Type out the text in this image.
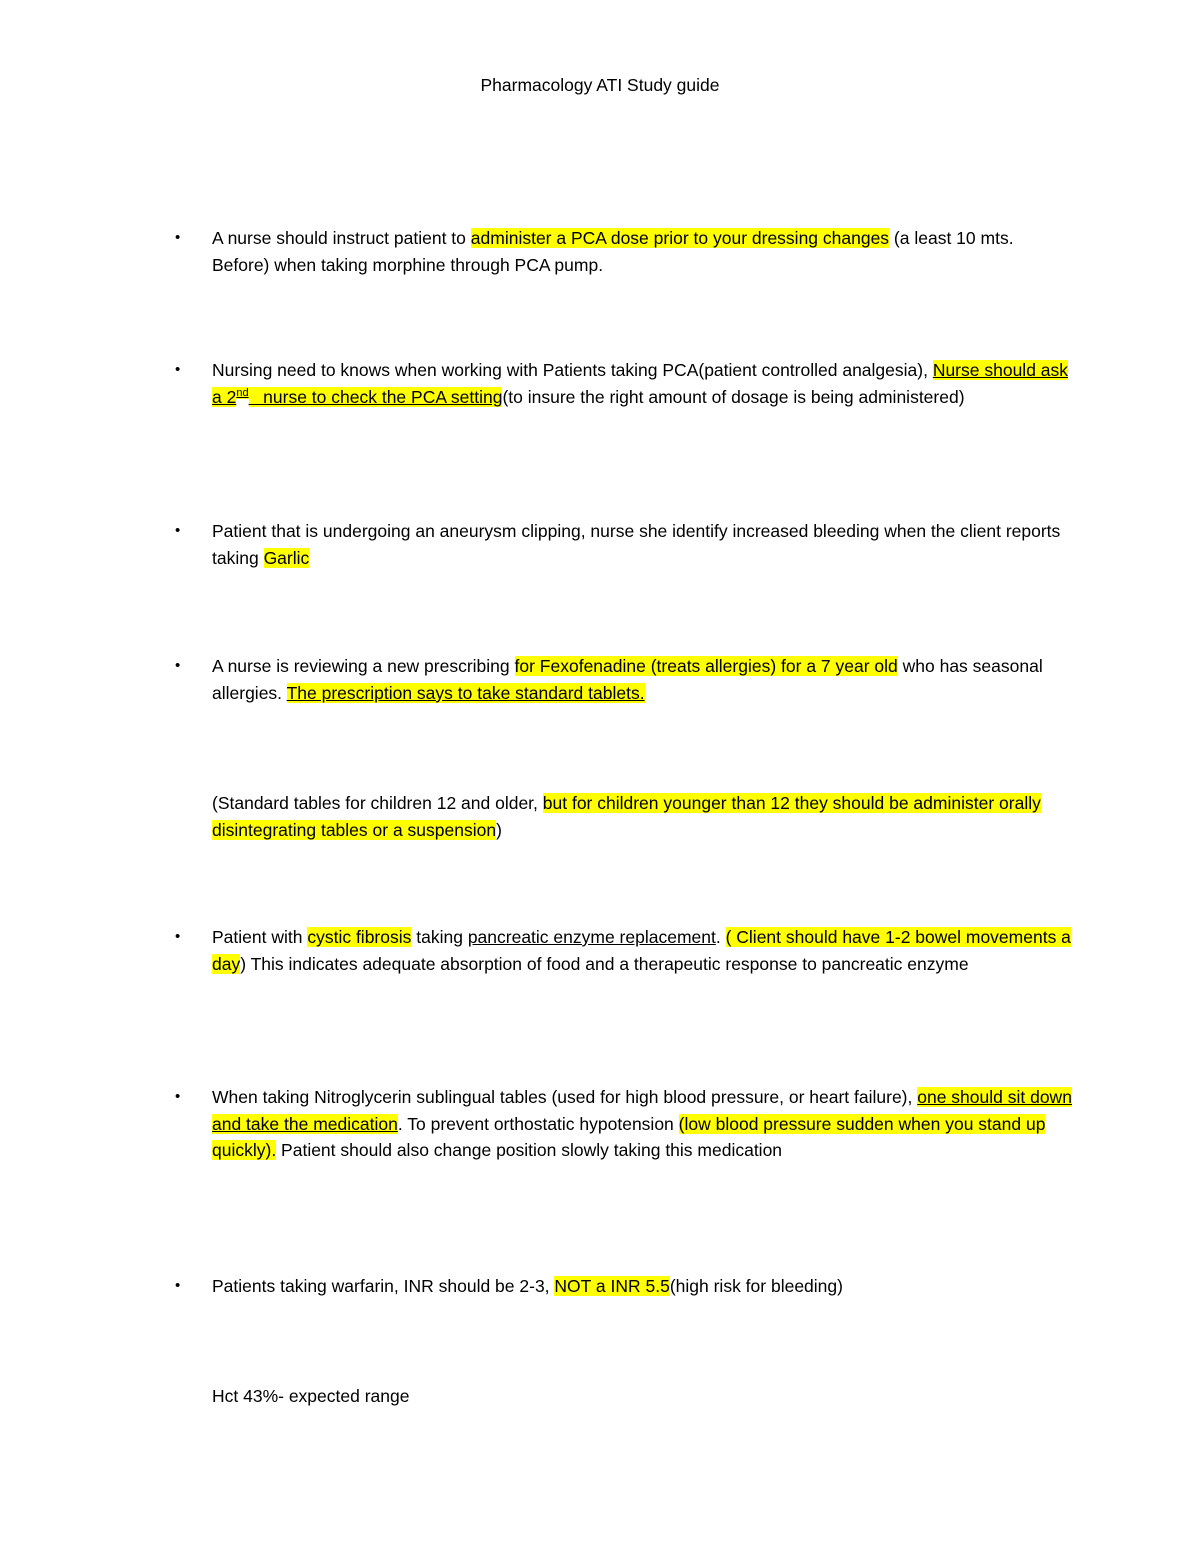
Pharmacology ATI Study guide
• A nurse should instruct patient to administer a PCA dose prior to your dressing changes (a least 10 mts. Before) when taking morphine through PCA pump.
• Nursing need to knows when working with Patients taking PCA(patient controlled analgesia), Nurse should ask a 2nd   nurse to check the PCA setting(to insure the right amount of dosage is being administered)
• Patient that is undergoing an aneurysm clipping, nurse she identify increased bleeding when the client reports taking Garlic
• A nurse is reviewing a new prescribing for Fexofenadine (treats allergies) for a 7 year old who has seasonal allergies. The prescription says to take standard tablets.
(Standard tables for children 12 and older, but for children younger than 12 they should be administer orally disintegrating tables or a suspension)
• Patient with cystic fibrosis taking pancreatic enzyme replacement. ( Client should have 1-2 bowel movements a day) This indicates adequate absorption of food and a therapeutic response to pancreatic enzyme
• When taking Nitroglycerin sublingual tables (used for high blood pressure, or heart failure), one should sit down and take the medication. To prevent orthostatic hypotension (low blood pressure sudden when you stand up quickly). Patient should also change position slowly taking this medication
• Patients taking warfarin, INR should be 2-3, NOT a INR 5.5(high risk for bleeding)
Hct 43%- expected range
